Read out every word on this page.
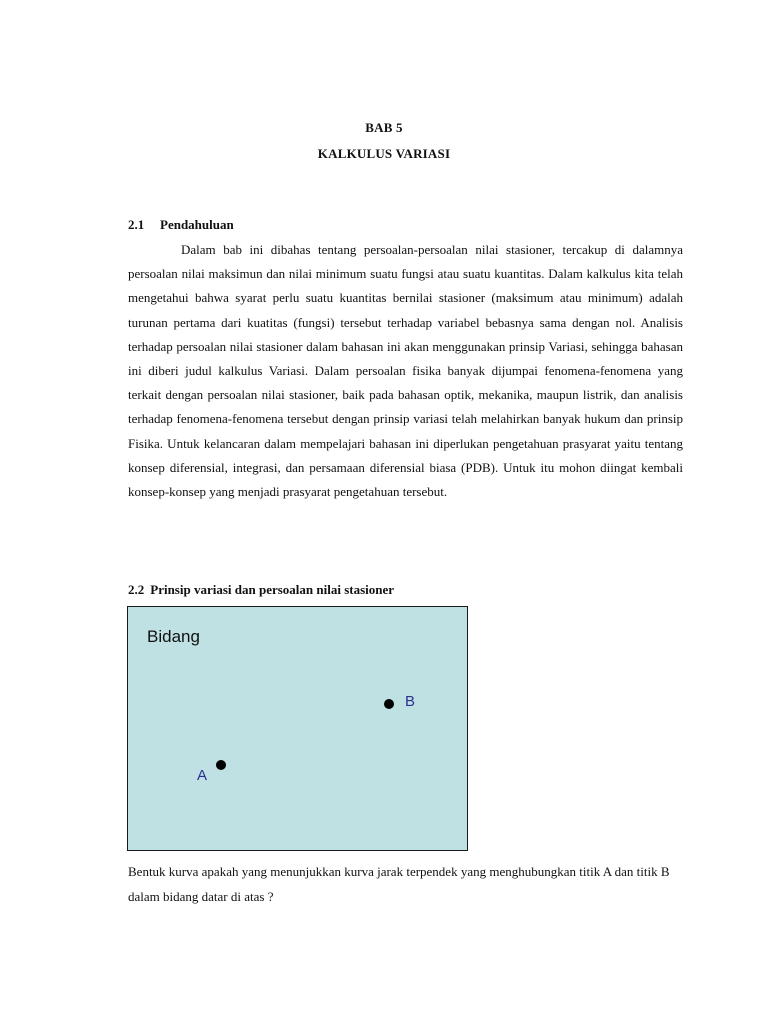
BAB 5
KALKULUS VARIASI
2.1 Pendahuluan

Dalam bab ini dibahas tentang persoalan-persoalan nilai stasioner, tercakup di dalamnya persoalan nilai maksimun dan nilai minimum suatu fungsi atau suatu kuantitas. Dalam kalkulus kita telah mengetahui bahwa syarat perlu suatu kuantitas bernilai stasioner (maksimum atau minimum) adalah turunan pertama dari kuatitas (fungsi) tersebut terhadap variabel bebasnya sama dengan nol. Analisis terhadap persoalan nilai stasioner dalam bahasan ini akan menggunakan prinsip Variasi, sehingga bahasan ini diberi judul kalkulus Variasi. Dalam persoalan fisika banyak dijumpai fenomena-fenomena yang terkait dengan persoalan nilai stasioner, baik pada bahasan optik, mekanika, maupun listrik, dan analisis terhadap fenomena-fenomena tersebut dengan prinsip variasi telah melahirkan banyak hukum dan prinsip Fisika. Untuk kelancaran dalam mempelajari bahasan ini diperlukan pengetahuan prasyarat yaitu tentang konsep diferensial, integrasi, dan persamaan diferensial biasa (PDB). Untuk itu mohon diingat kembali konsep-konsep yang menjadi prasyarat pengetahuan tersebut.

2.2 Prinsip variasi dan persoalan nilai stasioner
Bidang
B
A

Bentuk kurva apakah yang menunjukkan kurva jarak terpendek yang menghubungkan titik A dan titik B dalam bidang datar di atas ?
